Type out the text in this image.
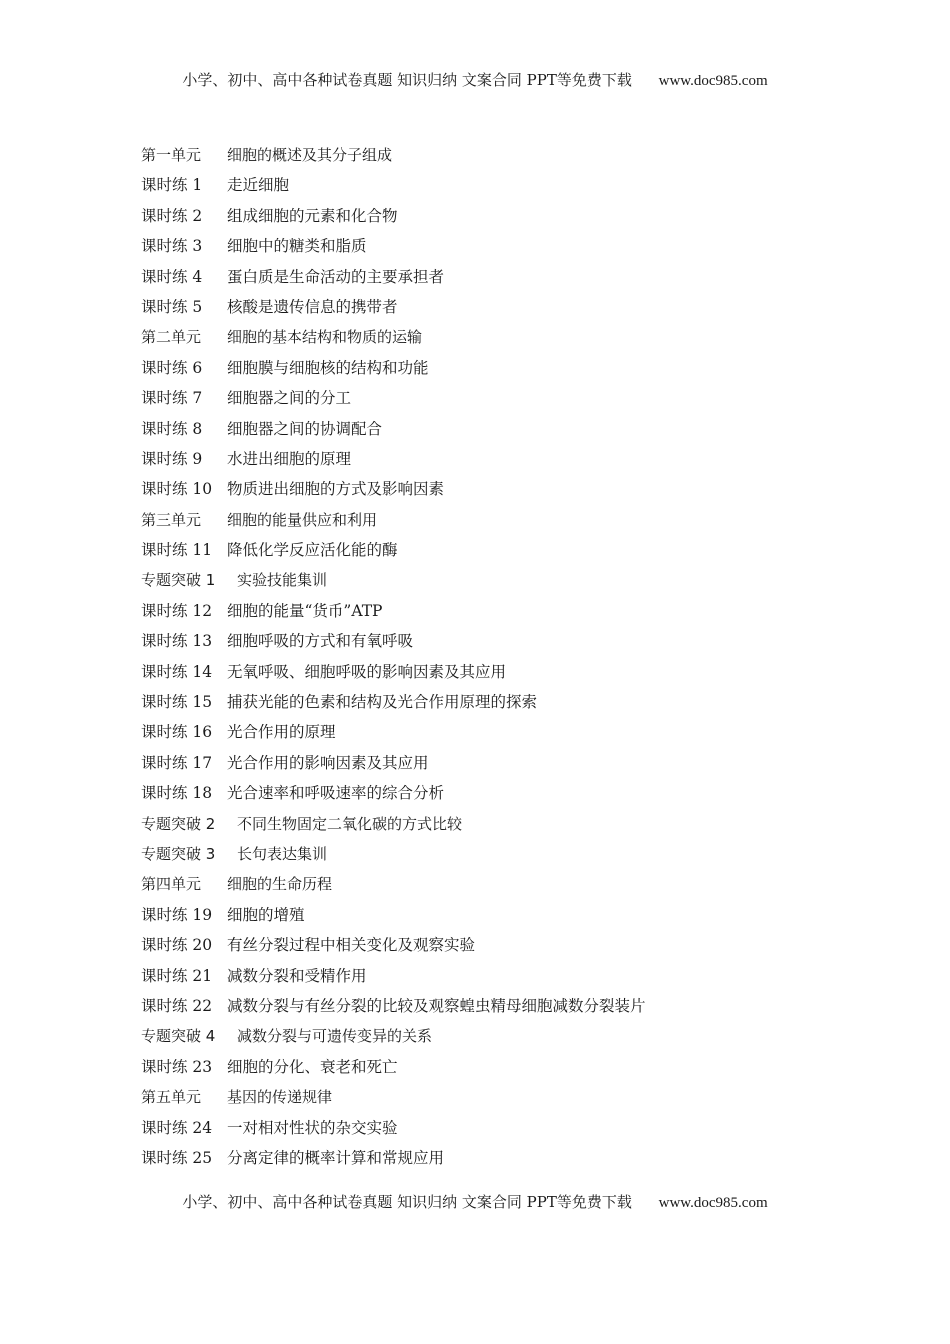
小学、初中、高中各种试卷真题 知识归纳 文案合同 PPT等免费下载 www.doc985.com
第一单元 细胞的概述及其分子组成
课时练 1 走近细胞
课时练 2 组成细胞的元素和化合物
课时练 3 细胞中的糖类和脂质
课时练 4 蛋白质是生命活动的主要承担者
课时练 5 核酸是遗传信息的携带者
第二单元 细胞的基本结构和物质的运输
课时练 6 细胞膜与细胞核的结构和功能
课时练 7 细胞器之间的分工
课时练 8 细胞器之间的协调配合
课时练 9 水进出细胞的原理
课时练 10 物质进出细胞的方式及影响因素
第三单元 细胞的能量供应和利用
课时练 11 降低化学反应活化能的酶
专题突破 1 实验技能集训
课时练 12 细胞的能量“货币”ATP
课时练 13 细胞呼吸的方式和有氧呼吸
课时练 14 无氧呼吸、细胞呼吸的影响因素及其应用
课时练 15 捕获光能的色素和结构及光合作用原理的探索
课时练 16 光合作用的原理
课时练 17 光合作用的影响因素及其应用
课时练 18 光合速率和呼吸速率的综合分析
专题突破 2 不同生物固定二氧化碳的方式比较
专题突破 3 长句表达集训
第四单元 细胞的生命历程
课时练 19 细胞的增殖
课时练 20 有丝分裂过程中相关变化及观察实验
课时练 21 减数分裂和受精作用
课时练 22 减数分裂与有丝分裂的比较及观察蝗虫精母细胞减数分裂装片
专题突破 4 减数分裂与可遗传变异的关系
课时练 23 细胞的分化、衰老和死亡
第五单元 基因的传递规律
课时练 24 一对相对性状的杂交实验
课时练 25 分离定律的概率计算和常规应用
小学、初中、高中各种试卷真题 知识归纳 文案合同 PPT等免费下载 www.doc985.com
